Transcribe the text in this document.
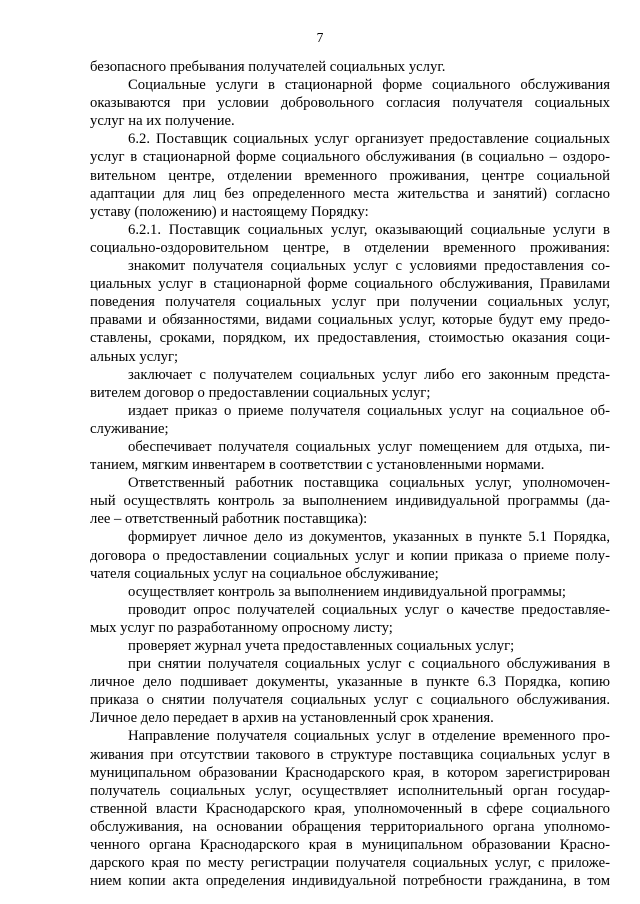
7
безопасного пребывания получателей социальных услуг.
Социальные услуги в стационарной форме социального обслуживания
оказываются при условии добровольного согласия получателя социальных
услуг на их получение.
6.2. Поставщик социальных услуг организует предоставление социальных
услуг в стационарной форме социального обслуживания (в социально – оздоро-
вительном центре, отделении временного проживания, центре социальной
адаптации для лиц без определенного места жительства и занятий) согласно
уставу (положению) и настоящему Порядку:
6.2.1. Поставщик социальных услуг, оказывающий социальные услуги в
социально-оздоровительном центре, в отделении временного проживания:
знакомит получателя социальных услуг с условиями предоставления со-
циальных услуг в стационарной форме социального обслуживания, Правилами
поведения получателя социальных услуг при получении социальных услуг,
правами и обязанностями, видами социальных услуг, которые будут ему предо-
ставлены, сроками, порядком, их предоставления, стоимостью оказания соци-
альных услуг;
заключает с получателем социальных услуг либо его законным предста-
вителем договор о предоставлении социальных услуг;
издает приказ о приеме получателя социальных услуг на социальное об-
служивание;
обеспечивает получателя социальных услуг помещением для отдыха, пи-
танием, мягким инвентарем в соответствии с установленными нормами.
Ответственный работник поставщика социальных услуг, уполномочен-
ный осуществлять контроль за выполнением индивидуальной программы (да-
лее – ответственный работник поставщика):
формирует личное дело из документов, указанных в пункте 5.1 Порядка,
договора о предоставлении социальных услуг и копии приказа о приеме полу-
чателя социальных услуг на социальное обслуживание;
осуществляет контроль за выполнением индивидуальной программы;
проводит опрос получателей социальных услуг о качестве предоставляе-
мых услуг по разработанному опросному листу;
проверяет журнал учета предоставленных социальных услуг;
при снятии получателя социальных услуг с социального обслуживания в
личное дело подшивает документы, указанные в пункте 6.3 Порядка, копию
приказа о снятии получателя социальных услуг с социального обслуживания.
Личное дело передает в архив на установленный срок хранения.
Направление получателя социальных услуг в отделение временного про-
живания при отсутствии такового в структуре поставщика социальных услуг в
муниципальном образовании Краснодарского края, в котором зарегистрирован
получатель социальных услуг, осуществляет исполнительный орган государ-
ственной власти Краснодарского края, уполномоченный в сфере социального
обслуживания, на основании обращения территориального органа уполномо-
ченного органа Краснодарского края в муниципальном образовании Красно-
дарского края по месту регистрации получателя социальных услуг, с приложе-
нием копии акта определения индивидуальной потребности гражданина, в том
